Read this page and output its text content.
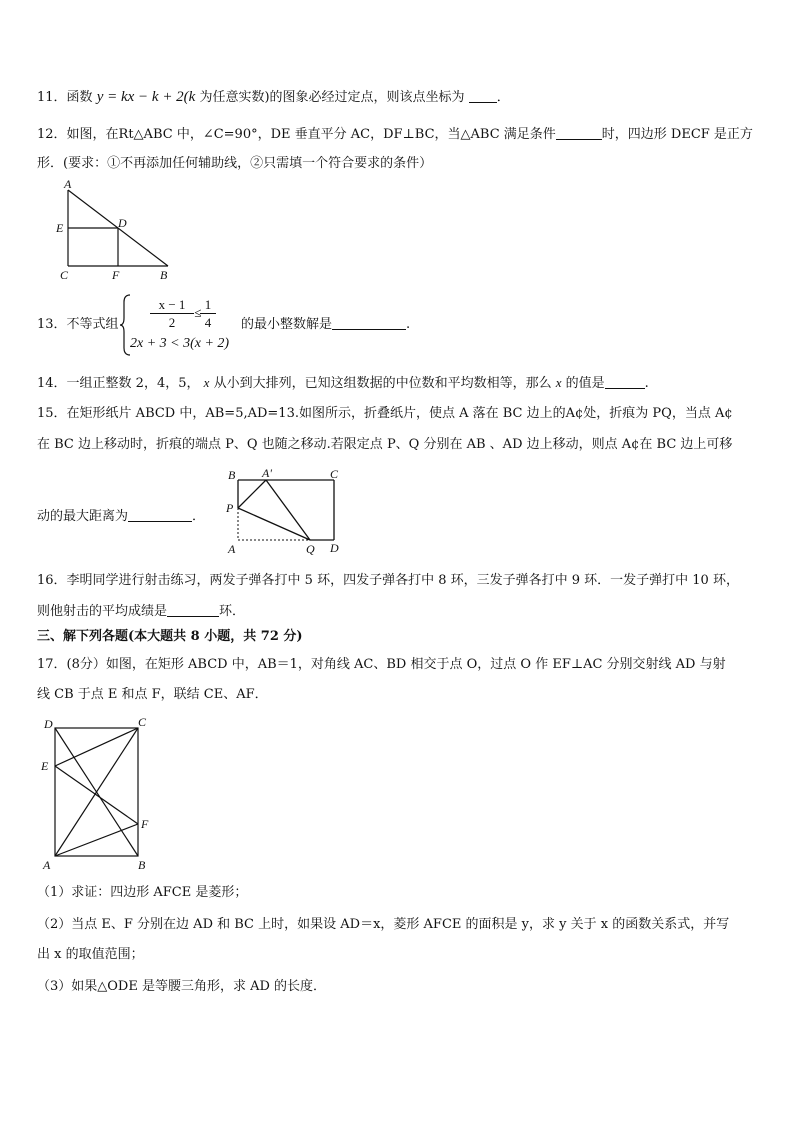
11．函数 y = kx − k + 2(k 为任意实数)的图象必经过定点，则该点坐标为 ．
12．如图，在Rt△ABC 中，∠C=90°，DE 垂直平分 AC，DF⊥BC，当△ABC 满足条件	时，四边形 DECF 是正方
形．(要求：①不再添加任何辅助线，②只需填一个符合要求的条件）
A
E	D
C	F	B
13．不等式组 $\frac{x - 1}{2}$ ≤
$\frac{1}{4}$
2x + 3 < 3(x + 2)
的最小整数解是	.
14．一组正整数 2，4，5， x 从小到大排列，已知这组数据的中位数和平均数相等，那么 x 的值是	.
15．在矩形纸片 ABCD 中，AB=5,AD=13.如图所示，折叠纸片，使点 A 落在 BC 边上的A¢处，折痕为 PQ，当点 A¢
在 BC 边上移动时，折痕的端点 P、Q 也随之移动.若限定点 P、Q 分别在 AB 、AD 边上移动，则点 A¢在 BC 边上可移
动的最大距离为	．
B A'	C
P
A	Q D
16．李明同学进行射击练习，两发子弹各打中 5 环，四发子弹各打中 8 环，三发子弹各打中 9 环．一发子弹打中 10 环，
则他射击的平均成绩是	环．
三、解下列各题(本大题共 8 小题，共 72 分)
17．(8分）如图，在矩形 ABCD 中，AB＝1，对角线 AC、BD 相交于点 O，过点 O 作 EF⊥AC 分别交射线 AD 与射
线 CB 于点 E 和点 F，联结 CE、AF．
D	C
E
F
A	B
（1）求证：四边形 AFCE 是菱形；
（2）当点 E、F 分别在边 AD 和 BC 上时，如果设 AD＝x，菱形 AFCE 的面积是 y，求 y 关于 x 的函数关系式，并写
出 x 的取值范围；
（3）如果△ODE 是等腰三角形，求 AD 的长度．
